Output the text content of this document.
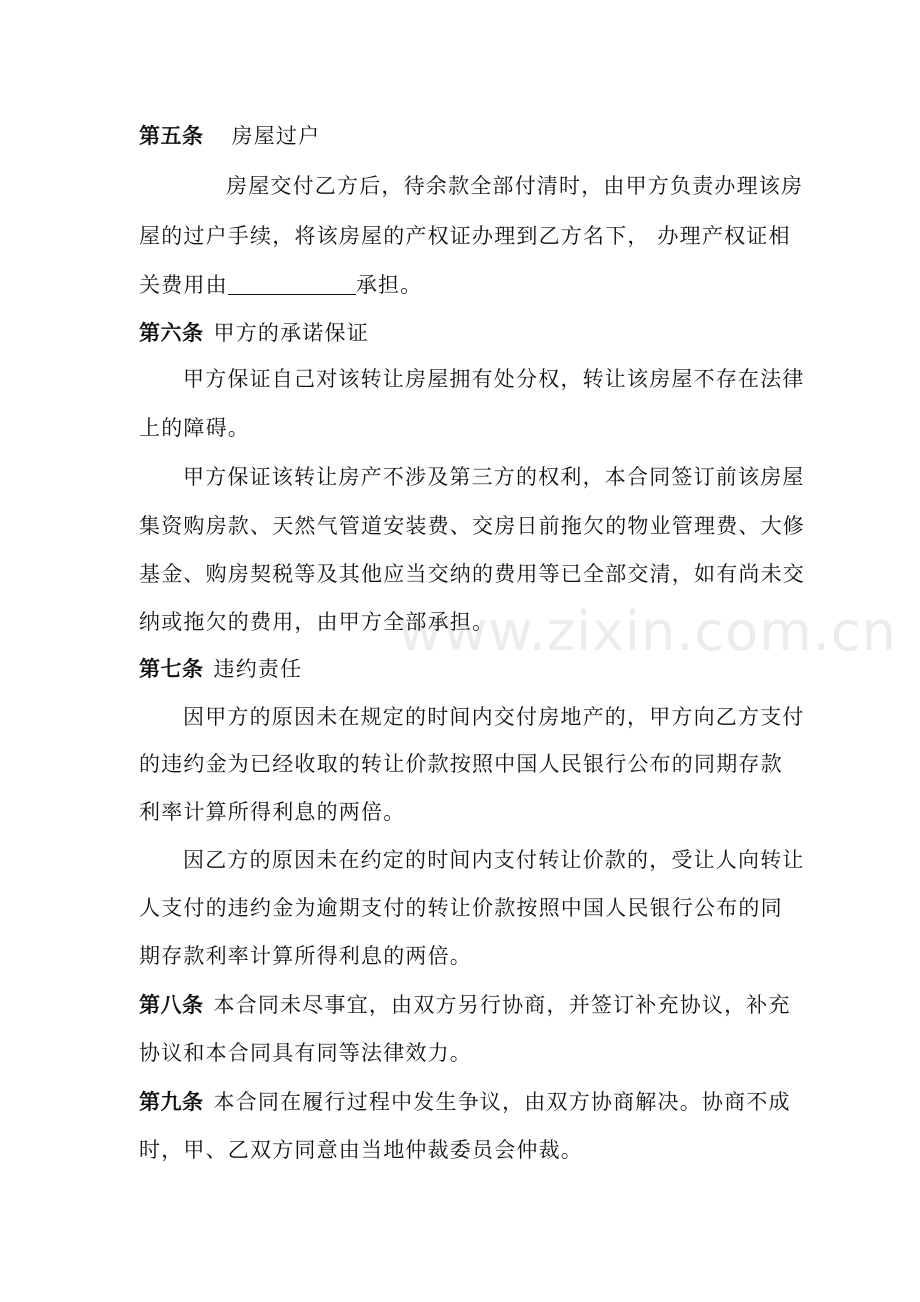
www.zixin.com.cn
第五条 房屋过户
房屋交付乙方后，待余款全部付清时，由甲方负责办理该房
屋的过户手续，将该房屋的产权证办理到乙方名下， 办理产权证相
关费用由	承担。
第六条 甲方的承诺保证
甲方保证自己对该转让房屋拥有处分权，转让该房屋不存在法律
上的障碍。
甲方保证该转让房产不涉及第三方的权利，本合同签订前该房屋
集资购房款、天然气管道安装费、交房日前拖欠的物业管理费、大修
基金、购房契税等及其他应当交纳的费用等已全部交清，如有尚未交
纳或拖欠的费用，由甲方全部承担。
第七条 违约责任
因甲方的原因未在规定的时间内交付房地产的，甲方向乙方支付
的违约金为已经收取的转让价款按照中国人民银行公布的同期存款
利率计算所得利息的两倍。
因乙方的原因未在约定的时间内支付转让价款的，受让人向转让
人支付的违约金为逾期支付的转让价款按照中国人民银行公布的同
期存款利率计算所得利息的两倍。
第八条 本合同未尽事宜，由双方另行协商，并签订补充协议，补充
协议和本合同具有同等法律效力。
第九条 本合同在履行过程中发生争议，由双方协商解决。协商不成
时，甲、乙双方同意由当地仲裁委员会仲裁。
